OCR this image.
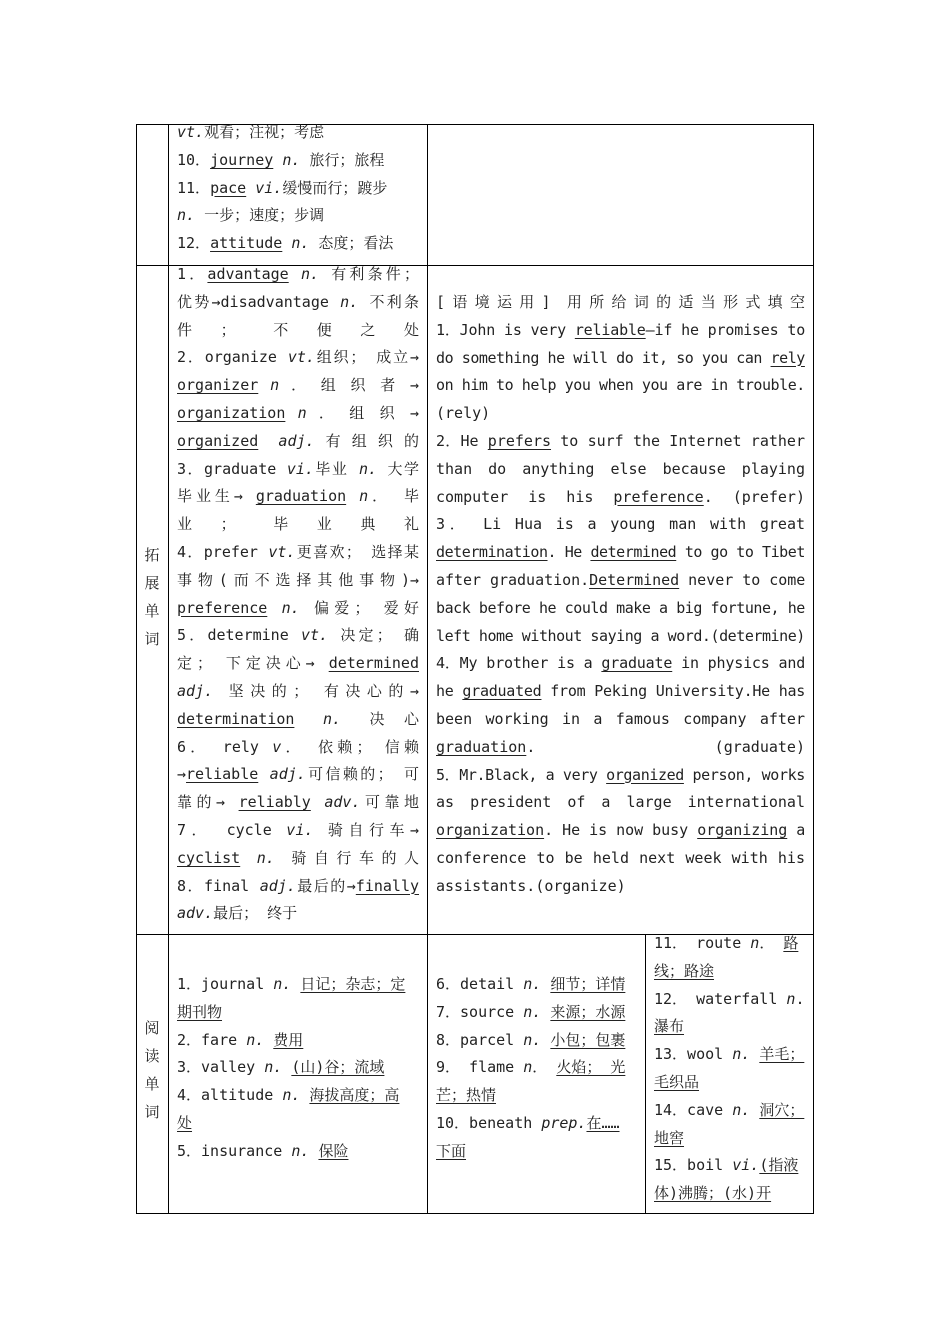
vt.观看；注视；考虑
10．journey n. 旅行；旅程
11．pace vi.缓慢而行；踱步
n. 一步；速度；步调
12．attitude n. 态度；看法
拓
展
单
词
1．advantage n. 有利条件；
优势→disadvantage n. 不利条
件； 不便之处
2．organize vt.组织； 成立→
organizer n ． 组 织 者 →
organization n ． 组 织 →
organized adj.有组织的
3．graduate vi.毕业 n. 大学
毕业生→ graduation n． 毕
业； 毕业典礼
4．prefer vt.更喜欢； 选择某
事物(而不选择其他事物)→
preference n. 偏爱； 爱好
5．determine vt. 决定； 确
定； 下定决心→ determined
adj. 坚决的； 有决心的→
determination n. 决心
6． rely v． 依赖； 信赖
→reliable adj.可信赖的； 可
靠的→ reliably adv.可靠地
7． cycle vi. 骑自行车→
cyclist n. 骑自行车的人
8．final adj.最后的→finally
adv.最后； 终于
[语境运用] 用所给词的适当形式填空
1．John is very reliable—if he promises to
do something he will do it, so you can rely
on him to help you when you are in trouble.
(rely)
2．He prefers to surf the Internet rather
than do anything else because playing
computer is his preference. (prefer)
3． Li Hua is a young man with great
determination. He determined to go to Tibet
after graduation.Determined never to come
back before he could make a big fortune, he
left home without saying a word.(determine)
4．My brother is a graduate in physics and
he graduated from Peking University.He has
been working in a famous company after
graduation. (graduate)
5．Mr.Black, a very organized person, works
as president of a large international
organization. He is now busy organizing a
conference to be held next week with his
assistants.(organize)
阅
读
单
词
1．journal n. 日记；杂志；定
期刊物
2．fare n. 费用
3．valley n. (山)谷；流域
4．altitude n. 海拔高度；高
处
5．insurance n. 保险
6．detail n. 细节；详情
7．source n. 来源；水源
8．parcel n. 小包；包裹
9． flame n． 火焰； 光
芒；热情
10．beneath prep.在……
下面
11． route n． 路
线；路途
12． waterfall n.
瀑布
13．wool n. 羊毛；
毛织品
14．cave n. 洞穴；
地窖
15．boil vi.(指液
体)沸腾；(水)开
